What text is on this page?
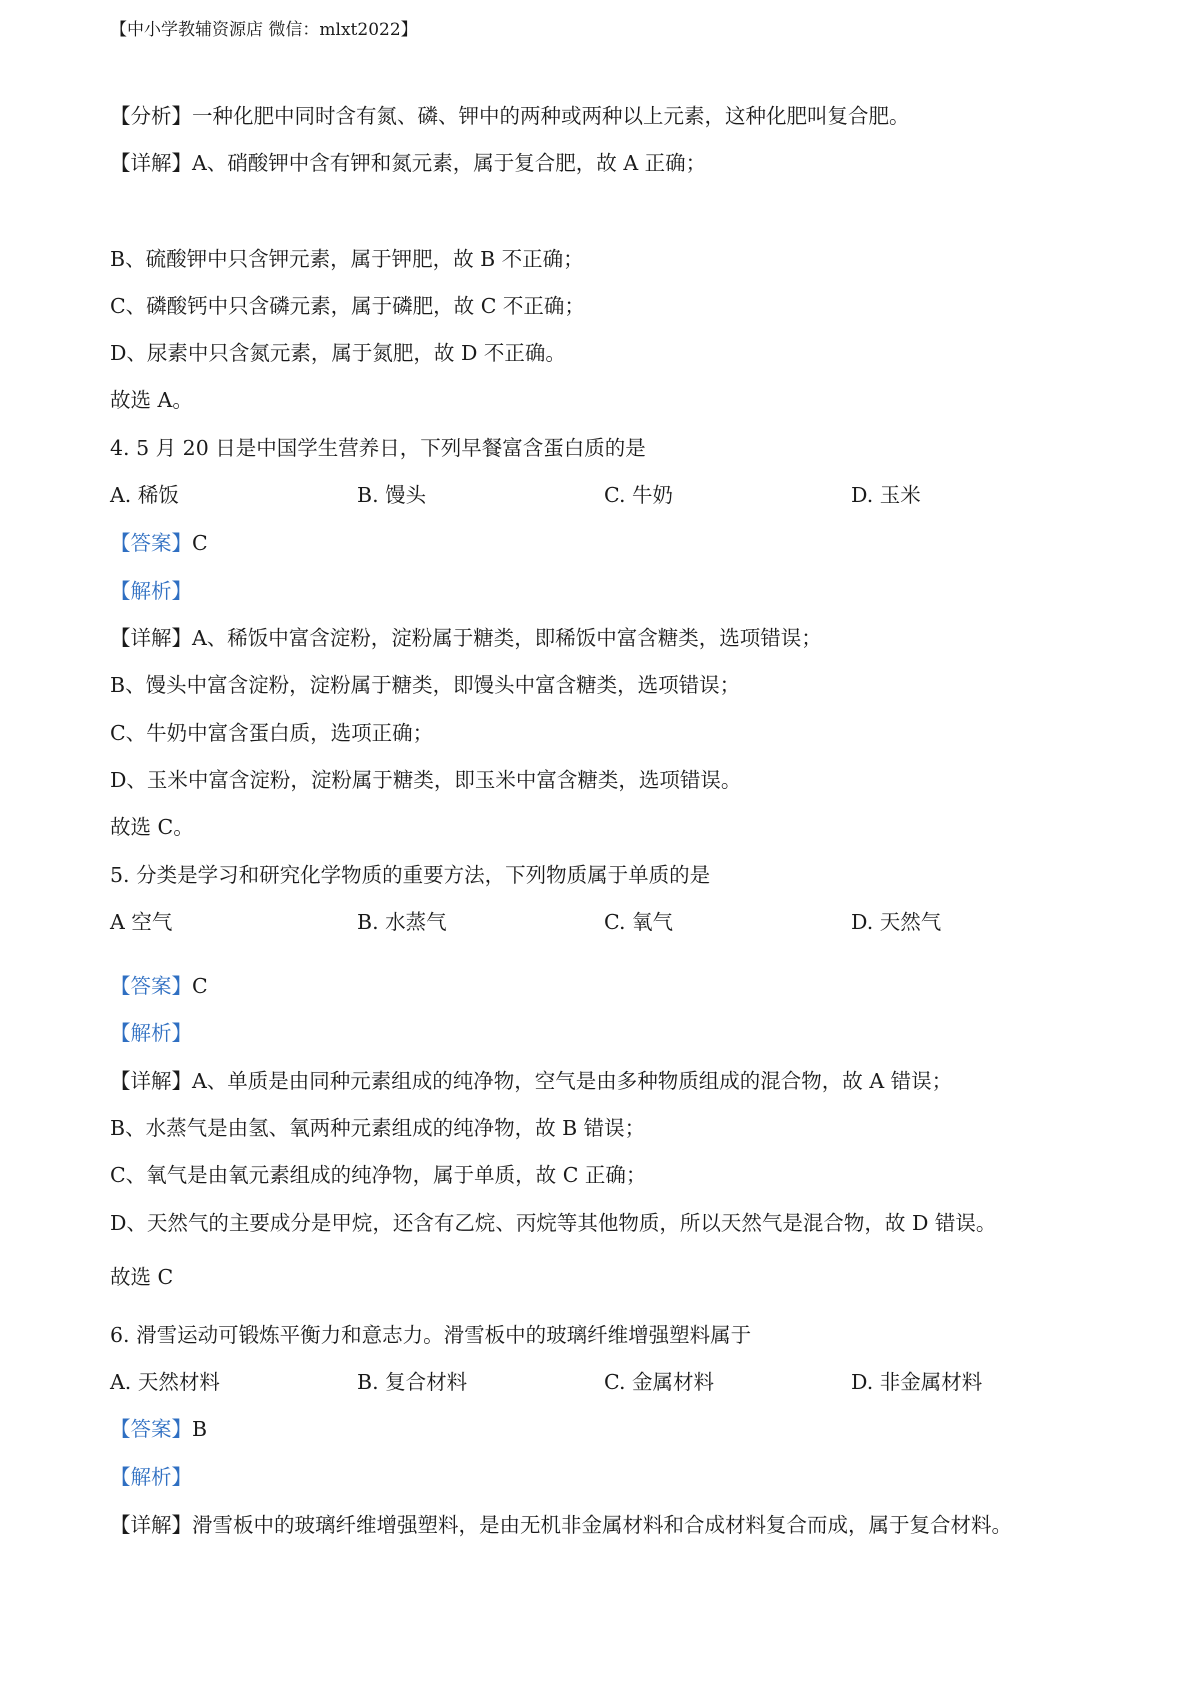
【中小学教辅资源店 微信：mlxt2022】
【分析】一种化肥中同时含有氮、磷、钾中的两种或两种以上元素，这种化肥叫复合肥。
【详解】A、硝酸钾中含有钾和氮元素，属于复合肥，故 A 正确；
B、硫酸钾中只含钾元素，属于钾肥，故 B 不正确；
C、磷酸钙中只含磷元素，属于磷肥，故 C 不正确；
D、尿素中只含氮元素，属于氮肥，故 D 不正确。
故选 A。
4. 5 月 20 日是中国学生营养日，下列早餐富含蛋白质的是
A. 稀饭	B. 馒头	C. 牛奶	D. 玉米
【答案】C
【解析】
【详解】A、稀饭中富含淀粉，淀粉属于糖类，即稀饭中富含糖类，选项错误；
B、馒头中富含淀粉，淀粉属于糖类，即馒头中富含糖类，选项错误；
C、牛奶中富含蛋白质，选项正确；
D、玉米中富含淀粉，淀粉属于糖类，即玉米中富含糖类，选项错误。
故选 C。
5. 分类是学习和研究化学物质的重要方法，下列物质属于单质的是
A 空气	B. 水蒸气	C. 氧气	D. 天然气
【答案】C
【解析】
【详解】A、单质是由同种元素组成的纯净物，空气是由多种物质组成的混合物，故 A 错误；
B、水蒸气是由氢、氧两种元素组成的纯净物，故 B 错误；
C、氧气是由氧元素组成的纯净物，属于单质，故 C 正确；
D、天然气的主要成分是甲烷，还含有乙烷、丙烷等其他物质，所以天然气是混合物，故 D 错误。
故选 C
6. 滑雪运动可锻炼平衡力和意志力。滑雪板中的玻璃纤维增强塑料属于
A. 天然材料	B. 复合材料	C. 金属材料	D. 非金属材料
【答案】B
【解析】
【详解】滑雪板中的玻璃纤维增强塑料，是由无机非金属材料和合成材料复合而成，属于复合材料。
